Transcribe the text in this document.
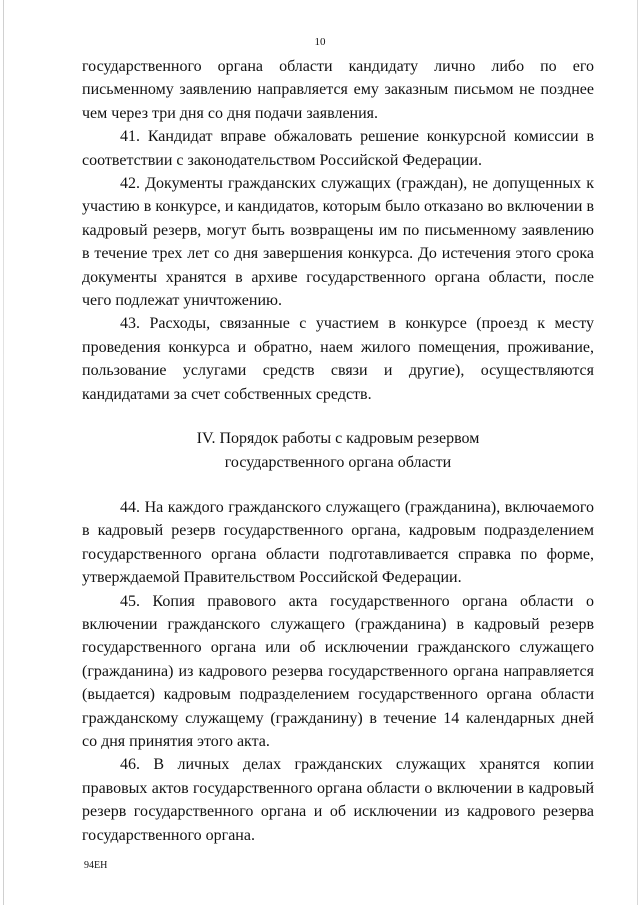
10

государственного органа области кандидату лично либо по его письменному заявлению направляется ему заказным письмом не позднее чем через три дня со дня подачи заявления.

41. Кандидат вправе обжаловать решение конкурсной комиссии в соответствии с законодательством Российской Федерации.

42. Документы гражданских служащих (граждан), не допущенных к участию в конкурсе, и кандидатов, которым было отказано во включении в кадровый резерв, могут быть возвращены им по письменному заявлению в течение трех лет со дня завершения конкурса. До истечения этого срока документы хранятся в архиве государственного органа области, после чего подлежат уничтожению.

43. Расходы, связанные с участием в конкурсе (проезд к месту проведения конкурса и обратно, наем жилого помещения, проживание, пользование услугами средств связи и другие), осуществляются кандидатами за счет собственных средств.

IV. Порядок работы с кадровым резервом

государственного органа области

44. На каждого гражданского служащего (гражданина), включаемого в кадровый резерв государственного органа, кадровым подразделением государственного органа области подготавливается справка по форме, утверждаемой Правительством Российской Федерации.

45. Копия правового акта государственного органа области о включении гражданского служащего (гражданина) в кадровый резерв государственного органа или об исключении гражданского служащего (гражданина) из кадрового резерва государственного органа направляется (выдается) кадровым подразделением государственного органа области гражданскому служащему (гражданину) в течение 14 календарных дней со дня принятия этого акта.

46. В личных делах гражданских служащих хранятся копии правовых актов государственного органа области о включении в кадровый резерв государственного органа и об исключении из кадрового резерва государственного органа.

94ЕН
